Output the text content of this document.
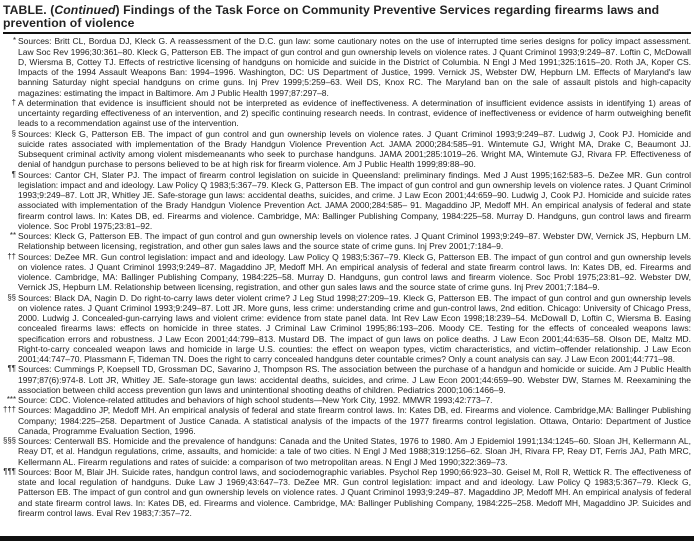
TABLE. (Continued) Findings of the Task Force on Community Preventive Services regarding firearms laws and prevention of violence
* Sources: Britt CL, Bordua DJ, Kleck G. A reassessment of the D.C. gun law: some cautionary notes on the use of interrupted time series designs for policy impact assessment. Law Soc Rev 1996;30:361–80. Kleck G, Patterson EB. The impact of gun control and gun ownership levels on violence rates. J Quant Criminol 1993;9:249–87. Loftin C, McDowall D, Wiersma B, Cottey TJ. Effects of restrictive licensing of handguns on homicide and suicide in the District of Columbia. N Engl J Med 1991;325:1615–20. Roth JA, Koper CS. Impacts of the 1994 Assault Weapons Ban: 1994–1996. Washington, DC: US Department of Justice, 1999. Vernick JS, Webster DW, Hepburn LM. Effects of Maryland's law banning Saturday night special handguns on crime guns. Inj Prev 1999;5:259–63. Weil DS, Knox RC. The Maryland ban on the sale of assault pistols and high-capacity magazines: estimating the impact in Baltimore. Am J Public Health 1997;87:297–8.
† A determination that evidence is insufficient should not be interpreted as evidence of ineffectiveness. A determination of insufficient evidence assists in identifying 1) areas of uncertainty regarding effectiveness of an intervention, and 2) specific continuing research needs. In contrast, evidence of ineffectiveness or evidence of harm outweighing benefit leads to a recommendation against use of the intervention.
§ Sources: Kleck G, Patterson EB. The impact of gun control and gun ownership levels on violence rates. J Quant Criminol 1993;9:249–87. Ludwig J, Cook PJ. Homicide and suicide rates associated with implementation of the Brady Handgun Violence Prevention Act. JAMA 2000;284:585–91. Wintemute GJ, Wright MA, Drake C, Beaumont JJ. Subsequent criminal activity among violent misdemeanants who seek to purchase handguns. JAMA 2001;285:1019–26. Wright MA, Wintemute GJ, Rivara FP. Effectiveness of denial of handgun purchase to persons believed to be at high risk for firearm violence. Am J Public Health 1999;89:88–90.
¶ Sources: Cantor CH, Slater PJ. The impact of firearm control legislation on suicide in Queensland: preliminary findings. Med J Aust 1995;162:583–5. DeZee MR. Gun control legislation: impact and and ideology. Law Policy Q 1983;5:367–79. Kleck G, Patterson EB. The impact of gun control and gun ownership levels on violence rates. J Quant Criminol 1993;9:249–87. Lott JR, Whitley JE. Safe-storage gun laws: accidental deaths, suicides, and crime. J Law Econ 2001;44:659–90. Ludwig J, Cook PJ. Homicide and suicide rates associated with implementation of the Brady Handgun Violence Prevention Act. JAMA 2000;284:585– 91. Magaddino JP, Medoff MH. An empirical analysis of federal and state firearm control laws. In: Kates DB, ed. Firearms and violence. Cambridge, MA: Ballinger Publishing Company, 1984:225–58. Murray D. Handguns, gun control laws and firearm violence. Soc Probl 1975;23:81–92.
** Sources: Kleck G, Patterson EB. The impact of gun control and gun ownership levels on violence rates. J Quant Criminol 1993;9:249–87. Webster DW, Vernick JS, Hepburn LM. Relationship between licensing, registration, and other gun sales laws and the source state of crime guns. Inj Prev 2001;7:184–9.
†† Sources: DeZee MR. Gun control legislation: impact and and ideology. Law Policy Q 1983;5:367–79. Kleck G, Patterson EB. The impact of gun control and gun ownership levels on violence rates. J Quant Criminol 1993;9:249–87. Magaddino JP, Medoff MH. An empirical analysis of federal and state firearm control laws. In: Kates DB, ed. Firearms and violence. Cambridge, MA: Ballinger Publishing Company, 1984:225–58. Murray D. Handguns, gun control laws and firearm violence. Soc Probl 1975;23:81–92. Webster DW, Vernick JS, Hepburn LM. Relationship between licensing, registration, and other gun sales laws and the source state of crime guns. Inj Prev 2001;7:184–9.
§§ Sources: Black DA, Nagin D. Do right-to-carry laws deter violent crime? J Leg Stud 1998;27:209–19. Kleck G, Patterson EB. The impact of gun control and gun ownership levels on violence rates. J Quant Criminol 1993;9:249–87. Lott JR. More guns, less crime: understanding crime and gun-control laws, 2nd edition. Chicago: University of Chicago Press, 2000. Ludwig J. Concealed-gun-carrying laws and violent crime: evidence from state panel data. Int Rev Law Econ 1998;18:239–54. McDowall D, Loftin C, Wiersma B. Easing concealed firearms laws: effects on homicide in three states. J Criminal Law Criminol 1995;86:193–206. Moody CE. Testing for the effects of concealed weapons laws: specification errors and robustness. J Law Econ 2001;44:799–813. Mustard DB. The impact of gun laws on police deaths. J Law Econ 2001;44:635–58. Olson DE, Maltz MD. Right-to-carry concealed weapon laws and homicide in large U.S. counties: the effect on weapon types, victim characteristics, and victim–offender relationship. J Law Econ 2001;44:747–70. Plassmann F, Tideman TN. Does the right to carry concealed handguns deter countable crimes? Only a count analysis can say. J Law Econ 2001;44:771–98.
¶¶ Sources: Cummings P, Koepsell TD, Grossman DC, Savarino J, Thompson RS. The association between the purchase of a handgun and homicide or suicide. Am J Public Health 1997;87(6):974-8. Lott JR, Whitley JE. Safe-storage gun laws: accidental deaths, suicides, and crime. J Law Econ 2001;44:659–90. Webster DW, Starnes M. Reexamining the association between child access prevention gun laws and unintentional shooting deaths of children. Pediatrics 2000;106:1466–9.
*** Source: CDC. Violence-related attitudes and behaviors of high school students—New York City, 1992. MMWR 1993;42:773–7.
††† Sources: Magaddino JP, Medoff MH. An empirical analysis of federal and state firearm control laws. In: Kates DB, ed. Firearms and violence. Cambridge,MA: Ballinger Publishing Company; 1984:225–258. Department of Justice Canada. A statistical analysis of the impacts of the 1977 firearms control legislation. Ottawa, Ontario: Department of Justice Canada, Programme Evaluation Section, 1996.
§§§ Sources: Centerwall BS. Homicide and the prevalence of handguns: Canada and the United States, 1976 to 1980. Am J Epidemiol 1991;134:1245–60. Sloan JH, Kellermann AL, Reay DT, et al. Handgun regulations, crime, assaults, and homicide: a tale of two cities. N Engl J Med 1988;319:1256–62. Sloan JH, Rivara FP, Reay DT, Ferris JAJ, Path MRC, Kellermann AL. Firearm regulations and rates of suicide: a comparison of two metropolitan areas. N Engl J Med 1990;322:369–73.
¶¶¶ Sources: Boor M, Blair JH. Suicide rates, handgun control laws, and sociodemographic variables. Psychol Rep 1990;66:923–30. Geisel M, Roll R, Wettick R. The effectiveness of state and local regulation of handguns. Duke Law J 1969;43:647–73. DeZee MR. Gun control legislation: impact and and ideology. Law Policy Q 1983;5:367–79. Kleck G, Patterson EB. The impact of gun control and gun ownership levels on violence rates. J Quant Criminol 1993;9:249–87. Magaddino JP, Medoff MH. An empirical analysis of federal and state firearm control laws. In: Kates DB, ed. Firearms and violence. Cambridge, MA: Ballinger Publishing Company, 1984:225–258. Medoff MH, Magaddino JP. Suicides and firearm control laws. Eval Rev 1983;7:357–72.
